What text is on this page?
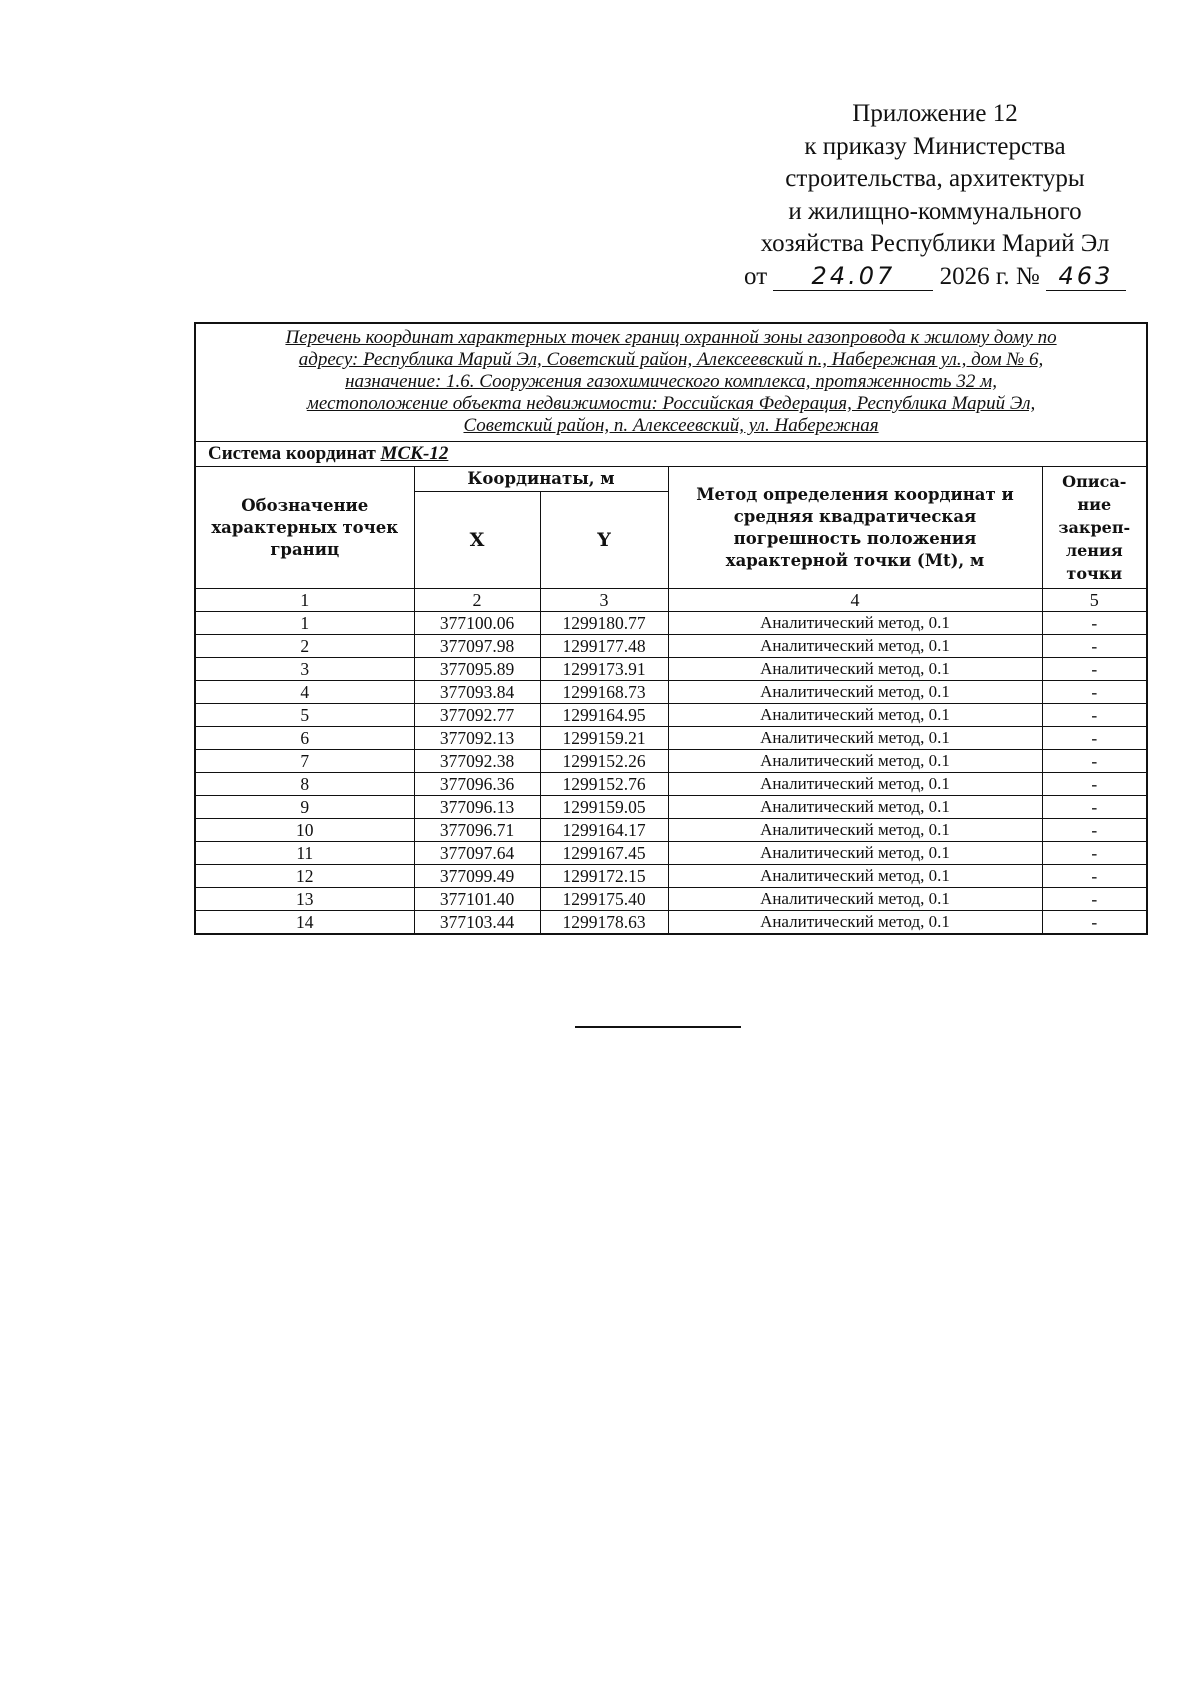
Приложение 12
к приказу Министерства
строительства, архитектуры
и жилищно-коммунального
хозяйства Республики Марий Эл
от 24.07 2026 г. № 463
Перечень координат характерных точек границ охранной зоны газопровода к жилому дому по
адресу: Республика Марий Эл, Советский район, Алексеевский п., Набережная ул., дом № 6,
назначение: 1.6. Сооружения газохимического комплекса, протяженность 32 м,
местоположение объекта недвижимости: Российская Федерация, Республика Марий Эл,
Советский район, п. Алексеевский, ул. Набережная				

Система координат МСК-12				
Обозначение характерных точек границ	Координаты, м		Метод определения координат и средняя квадратическая погрешность положения характерной точки (Mt), м	Описа-
ние
закреп-
ления
точки

	X	Y		
1	2	3	4	5
1	377100.06	1299180.77	Аналитический метод, 0.1	-
2	377097.98	1299177.48	Аналитический метод, 0.1	-
3	377095.89	1299173.91	Аналитический метод, 0.1	-
4	377093.84	1299168.73	Аналитический метод, 0.1	-
5	377092.77	1299164.95	Аналитический метод, 0.1	-
6	377092.13	1299159.21	Аналитический метод, 0.1	-
7	377092.38	1299152.26	Аналитический метод, 0.1	-
8	377096.36	1299152.76	Аналитический метод, 0.1	-
9	377096.13	1299159.05	Аналитический метод, 0.1	-
10	377096.71	1299164.17	Аналитический метод, 0.1	-
11	377097.64	1299167.45	Аналитический метод, 0.1	-
12	377099.49	1299172.15	Аналитический метод, 0.1	-
13	377101.40	1299175.40	Аналитический метод, 0.1	-
14	377103.44	1299178.63	Аналитический метод, 0.1	-
